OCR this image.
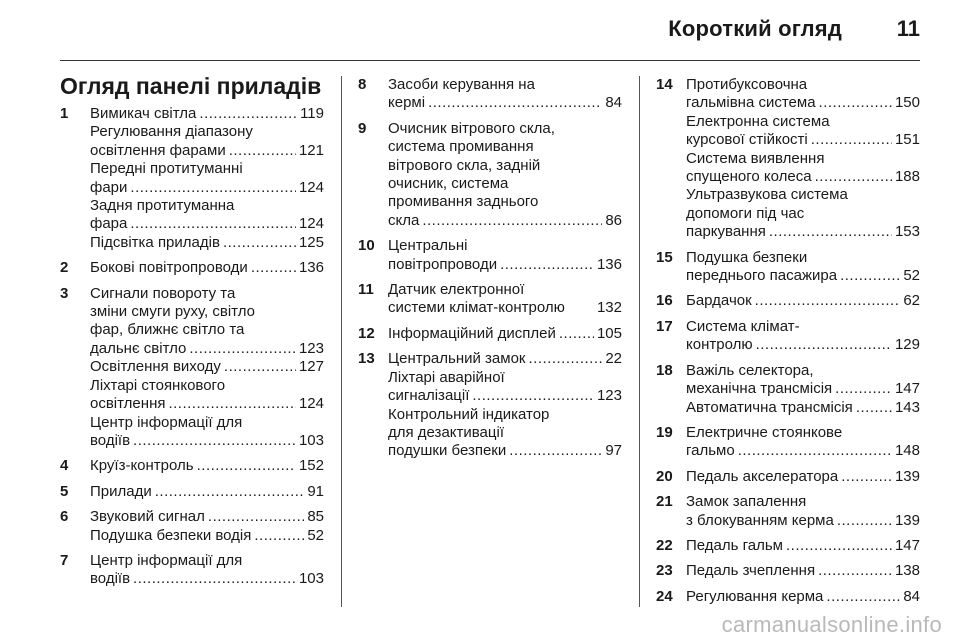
Короткий огляд 11
Огляд панелі приладів
1 Вимикач світла .....	119
Регулювання діапазону
освітлення фарами .....	121
Передні протитуманні
фари .....	124
Задня протитуманна
фара .....	124
Підсвітка приладів .....	125
2 Бокові повітропроводи .....	136
3 Сигнали повороту та
зміни смуги руху, світло
фар, ближнє світло та
дальнє світло .....	123
Освітлення виходу .....	127
Ліхтарі стоянкового
освітлення .....	124
Центр інформації для
водіїв .....	103
4 Круїз-контроль .....	152
5 Прилади .....	91
6 Звуковий сигнал .....	85
Подушка безпеки водія .....	52
7 Центр інформації для
водіїв .....	103
8 Засоби керування на
кермі .....	84
9 Очисник вітрового скла,
система промивання
вітрового скла, задній
очисник, система
промивання заднього
скла .....	86
10 Центральні
повітропроводи .....	136
11 Датчик електронної
системи клімат-контролю 132
12 Інформаційний дисплей .....	105
13 Центральний замок .....	22
Ліхтарі аварійної
сигналізації .....	123
Контрольний індикатор
для дезактивації
подушки безпеки .....	97
14 Протибуксовочна
гальмівна система .....	150
Електронна система
курсової стійкості .....	151
Система виявлення
спущеного колеса .....	188
Ультразвукова система
допомоги під час
паркування .....	153
15 Подушка безпеки
переднього пасажира .....	52
16 Бардачок .....	62
17 Система клімат-
контролю .....	129
18 Важіль селектора,
механічна трансмісія .....	147
Автоматична трансмісія .....	143
19 Електричне стоянкове
гальмо .....	148
20 Педаль акселератора .....	139
21 Замок запалення
з блокуванням керма .....	139
22 Педаль гальм .....	147
23 Педаль зчеплення .....	138
24 Регулювання керма .....	84
carmanualsonline.info
